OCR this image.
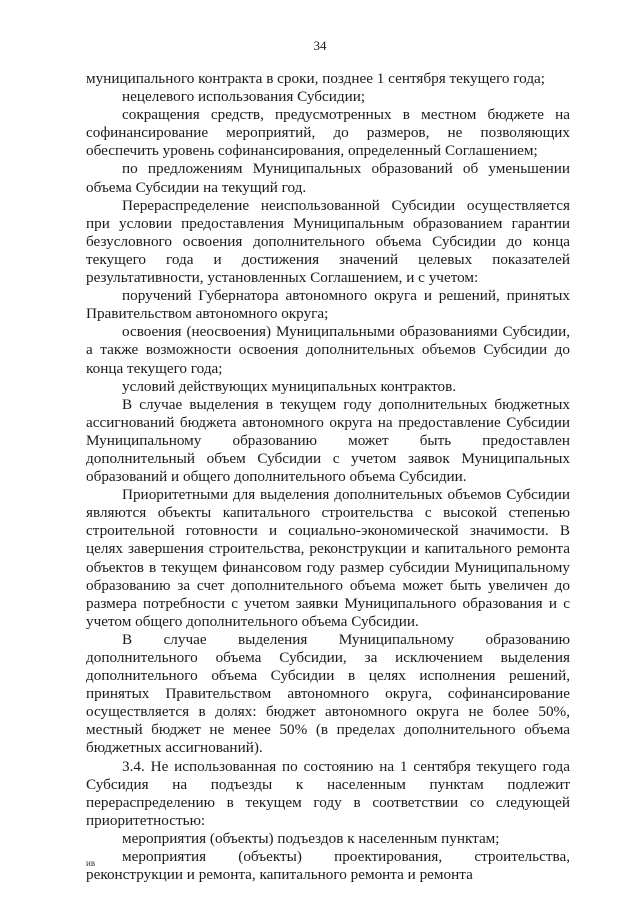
34

муниципального контракта в сроки, позднее 1 сентября текущего года;

нецелевого использования Субсидии;

сокращения средств, предусмотренных в местном бюджете на софинансирование мероприятий, до размеров, не позволяющих обеспечить уровень софинансирования, определенный Соглашением;

по предложениям Муниципальных образований об уменьшении объема Субсидии на текущий год.

Перераспределение неиспользованной Субсидии осуществляется при условии предоставления Муниципальным образованием гарантии безусловного освоения дополнительного объема Субсидии до конца текущего года и достижения значений целевых показателей результативности, установленных Соглашением, и с учетом:

поручений Губернатора автономного округа и решений, принятых Правительством автономного округа;

освоения (неосвоения) Муниципальными образованиями Субсидии, а также возможности освоения дополнительных объемов Субсидии до конца текущего года;

условий действующих муниципальных контрактов.

В случае выделения в текущем году дополнительных бюджетных ассигнований бюджета автономного округа на предоставление Субсидии Муниципальному образованию может быть предоставлен дополнительный объем Субсидии с учетом заявок Муниципальных образований и общего дополнительного объема Субсидии.

Приоритетными для выделения дополнительных объемов Субсидии являются объекты капитального строительства с высокой степенью строительной готовности и социально-экономической значимости. В целях завершения строительства, реконструкции и капитального ремонта объектов в текущем финансовом году размер субсидии Муниципальному образованию за счет дополнительного объема может быть увеличен до размера потребности с учетом заявки Муниципального образования и с учетом общего дополнительного объема Субсидии.

В случае выделения Муниципальному образованию дополнительного объема Субсидии, за исключением выделения дополнительного объема Субсидии в целях исполнения решений, принятых Правительством автономного округа, софинансирование осуществляется в долях: бюджет автономного округа не более 50%, местный бюджет не менее 50% (в пределах дополнительного объема бюджетных ассигнований).

3.4. Не использованная по состоянию на 1 сентября текущего года Субсидия на подъезды к населенным пунктам подлежит перераспределению в текущем году в соответствии со следующей приоритетностью:

мероприятия (объекты) подъездов к населенным пунктам;

мероприятия (объекты) проектирования, строительства, реконструкции и ремонта, капитального ремонта и ремонта

ив
